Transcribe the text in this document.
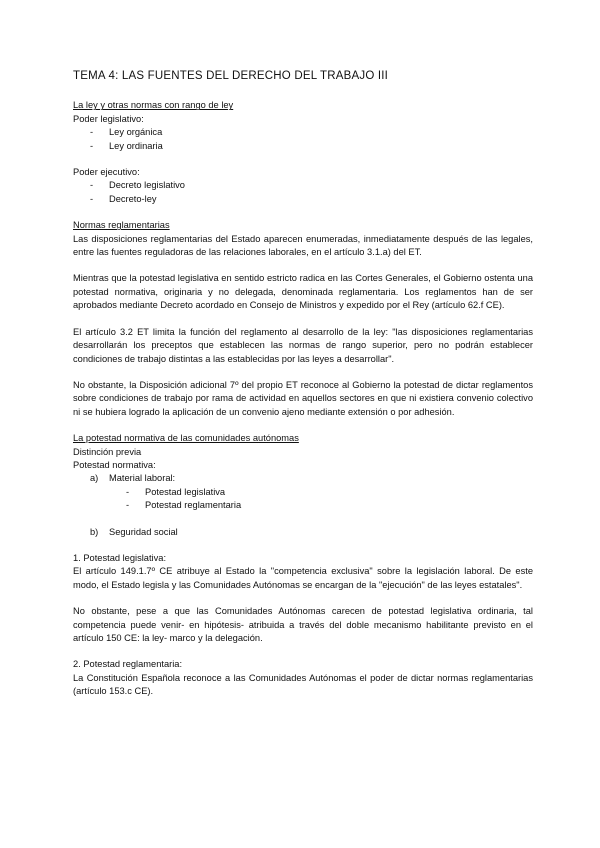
TEMA 4: LAS FUENTES DEL DERECHO DEL TRABAJO III

La ley y otras normas con rango de ley

Poder legislativo:

- Ley orgánica

- Ley ordinaria

Poder ejecutivo:

- Decreto legislativo

- Decreto-ley

Normas reglamentarias

Las disposiciones reglamentarias del Estado aparecen enumeradas, inmediatamente después de las legales, entre las fuentes reguladoras de las relaciones laborales, en el artículo 3.1.a) del ET.

Mientras que la potestad legislativa en sentido estricto radica en las Cortes Generales, el Gobierno ostenta una potestad normativa, originaria y no delegada, denominada reglamentaria. Los reglamentos han de ser aprobados mediante Decreto acordado en Consejo de Ministros y expedido por el Rey (artículo 62.f CE).

El artículo 3.2 ET limita la función del reglamento al desarrollo de la ley: "las disposiciones reglamentarias desarrollarán los preceptos que establecen las normas de rango superior, pero no podrán establecer condiciones de trabajo distintas a las establecidas por las leyes a desarrollar".

No obstante, la Disposición adicional 7º del propio ET reconoce al Gobierno la potestad de dictar reglamentos sobre condiciones de trabajo por rama de actividad en aquellos sectores en que ni existiera convenio colectivo ni se hubiera logrado la aplicación de un convenio ajeno mediante extensión o por adhesión.

La potestad normativa de las comunidades autónomas

Distinción previa

Potestad normativa:

a) Material laboral:

- Potestad legislativa

- Potestad reglamentaria

b) Seguridad social

1. Potestad legislativa:

El artículo 149.1.7º CE atribuye al Estado la "competencia exclusiva" sobre la legislación laboral. De este modo, el Estado legisla y las Comunidades Autónomas se encargan de la "ejecución" de las leyes estatales".

No obstante, pese a que las Comunidades Autónomas carecen de potestad legislativa ordinaria, tal competencia puede venir- en hipótesis- atribuida a través del doble mecanismo habilitante previsto en el artículo 150 CE: la ley- marco y la delegación.

2. Potestad reglamentaria:

La Constitución Española reconoce a las Comunidades Autónomas el poder de dictar normas reglamentarias (artículo 153.c CE).
